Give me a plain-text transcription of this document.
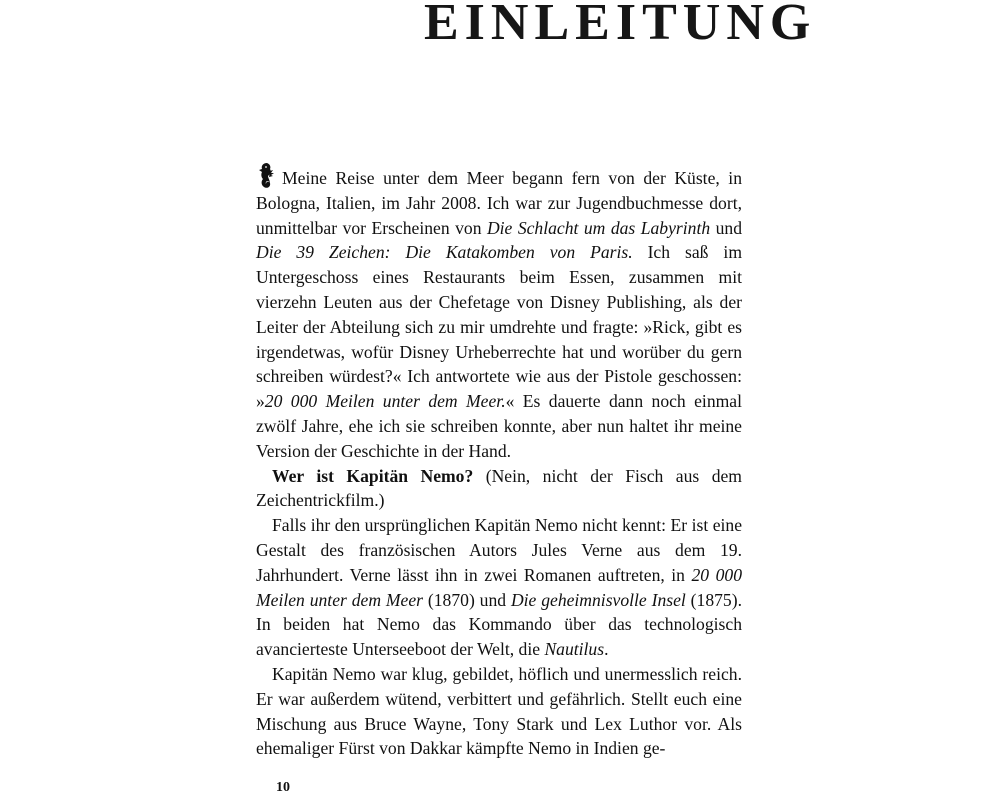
EINLEITUNG

Meine Reise unter dem Meer begann fern von der Küste, in Bologna, Italien, im Jahr 2008. Ich war zur Jugendbuchmesse dort, unmittelbar vor Erscheinen von Die Schlacht um das Labyrinth und Die 39 Zeichen: Die Katakomben von Paris. Ich saß im Untergeschoss eines Restaurants beim Essen, zusammen mit vierzehn Leuten aus der Chefetage von Disney Publishing, als der Leiter der Abteilung sich zu mir umdrehte und fragte: »Rick, gibt es irgendetwas, wofür Disney Urheberrechte hat und worüber du gern schreiben würdest?« Ich antwortete wie aus der Pistole geschossen: »20 000 Meilen unter dem Meer.« Es dauerte dann noch einmal zwölf Jahre, ehe ich sie schreiben konnte, aber nun haltet ihr meine Version der Geschichte in der Hand.

Wer ist Kapitän Nemo? (Nein, nicht der Fisch aus dem Zeichentrickfilm.)

Falls ihr den ursprünglichen Kapitän Nemo nicht kennt: Er ist eine Gestalt des französischen Autors Jules Verne aus dem 19. Jahrhundert. Verne lässt ihn in zwei Romanen auftreten, in 20 000 Meilen unter dem Meer (1870) und Die geheimnisvolle Insel (1875). In beiden hat Nemo das Kommando über das technologisch avancierteste Unterseeboot der Welt, die Nautilus.

Kapitän Nemo war klug, gebildet, höflich und unermesslich reich. Er war außerdem wütend, verbittert und gefährlich. Stellt euch eine Mischung aus Bruce Wayne, Tony Stark und Lex Luthor vor. Als ehemaliger Fürst von Dakkar kämpfte Nemo in Indien ge-

10
